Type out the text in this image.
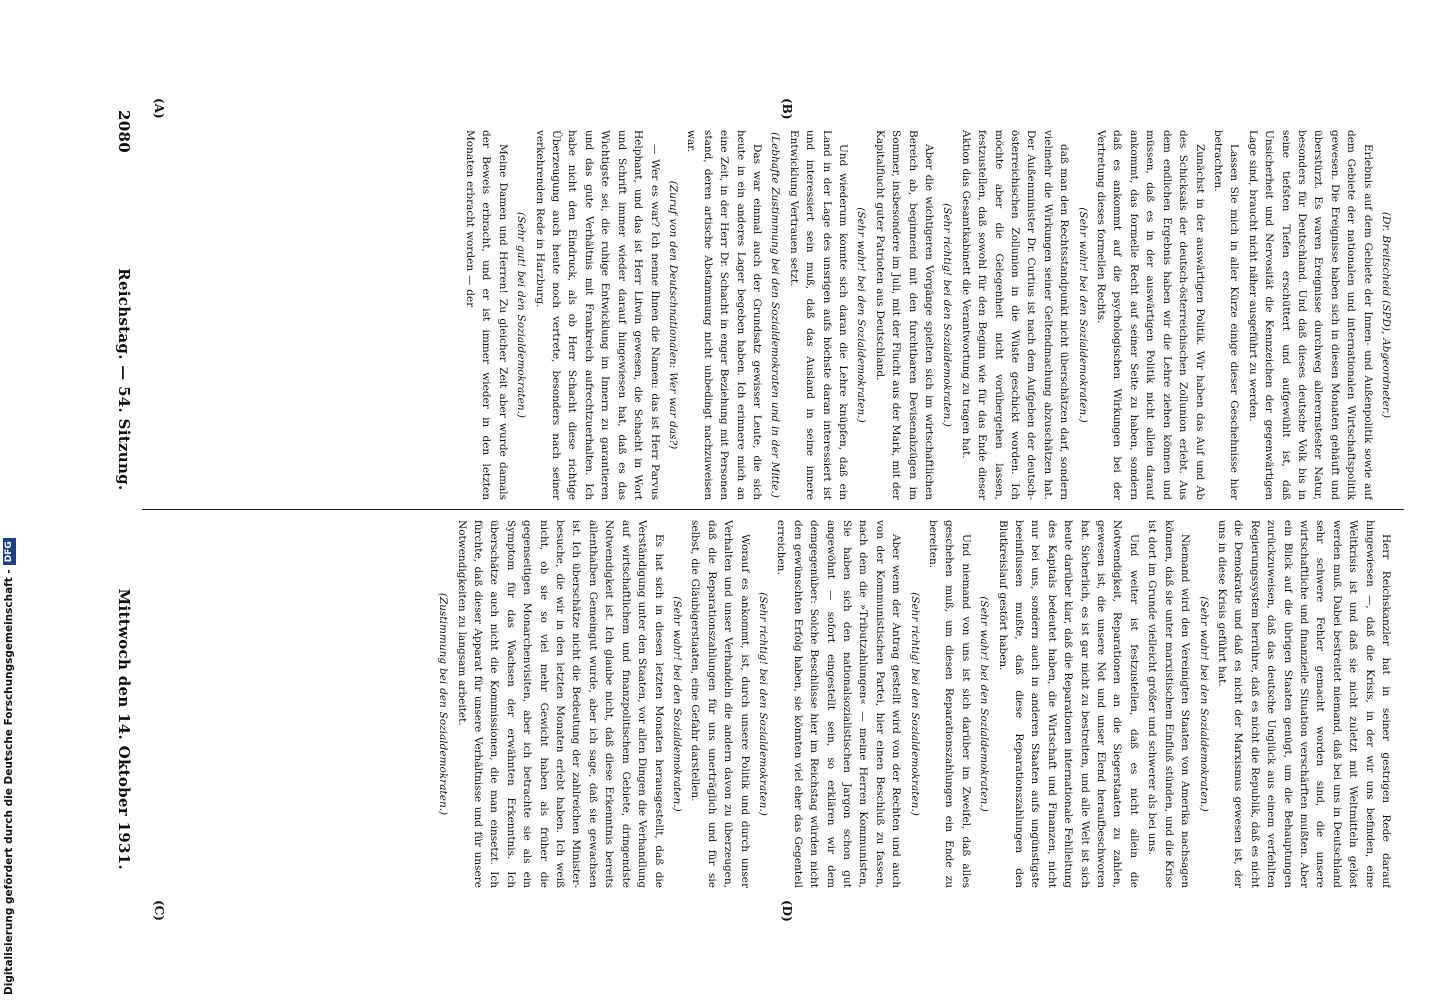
2080
Reichstag. — 54. Sitzung.
Mittwoch den 14. Oktober 1931.
(A)	(B)
(C)	(D)

(Dr. Breitscheid (SPD), Abgeordneter.)

Erlebnis auf dem Gebiete der Innen- und Außenpolitik sowie auf dem Gebiete der nationalen und internationalen Wirtschaftspolitik gewesen. Die Ereignisse haben sich in diesen Monaten gehäuft und überstürzt. Es waren Ereignisse durchweg allerernstester Natur, besonders für Deutschland. Und daß dieses deutsche Volk bis in seine tiefsten Tiefen erschüttert und aufgewühlt ist, daß Unsicherheit und Nervosität die Kennzeichen der gegenwärtigen Lage sind, braucht nicht näher ausgeführt zu werden.

Lassen Sie mich in aller Kürze einige dieser Geschehnisse hier betrachten.

Zunächst in der auswärtigen Politik. Wir haben das Auf und Ab des Schicksals der deutsch-österreichischen Zollunion erlebt. Aus dem endlichen Ergebnis haben wir die Lehre ziehen können und müssen, daß es in der auswärtigen Politik nicht allein darauf ankommt, das formelle Recht auf seiner Seite zu haben, sondern daß es ankommt auf die psychologischen Wirkungen bei der Vertretung dieses formellen Rechts.

(Sehr wahr! bei den Sozialdemokraten.)

daß man den Rechtsstandpunkt nicht überschätzen darf, sondern vielmehr die Wirkungen seiner Geltendmachung abzuschätzen hat. Der Außenminister Dr. Curtius ist nach dem Aufgeben der deutsch-österreichischen Zollunion in die Wüste geschickt worden. Ich möchte aber die Gelegenheit nicht vorübergehen lassen, festzustellen, daß sowohl für den Beginn wie für das Ende dieser Aktion das Gesamtkabinett die Verantwortung zu tragen hat.

(Sehr richtig! bei den Sozialdemokraten.)

Aber die wichtigeren Vorgänge spielten sich im wirtschaftlichen Bereich ab, beginnend mit den furchtbaren Devisenabzügen im Sommer, insbesondere im Juli, mit der Flucht aus der Mark, mit der Kapitalflucht guter Patrioten aus Deutschland.

(Sehr wahr! bei den Sozialdemokraten.)

Und wiederum konnte sich daran die Lehre knüpfen, daß ein Land in der Lage des unsrigen aufs höchste daran interessiert ist und interessiert sein muß, daß das Ausland in seine innere Entwicklung Vertrauen setzt.

(Lebhafte Zustimmung bei den Sozialdemokraten und in der Mitte.)

Das war einmal auch der Grundsatz gewisser Leute, die sich heute in ein anderes Lager begeben haben. Ich erinnere mich an eine Zeit, in der Herr Dr. Schacht in enger Beziehung mit Personen stand, deren artische Abstammung nicht unbedingt nachzuweisen war.

(Zuruf von den Deutschnationalen: Wer war das?)

— Wer es war? Ich nenne Ihnen die Namen: das ist Herr Parvus Helphant, und das ist Herr Litwin gewesen, die Schacht in Wort und Schrift immer wieder darauf hingewiesen hat, daß es das Wichtigste sei, die ruhige Entwicklung im Innern zu garantieren und das gute Verhältnis mit Frankreich aufrechtzuerhalten. Ich habe nicht den Eindruck, als ob Herr Schacht diese richtige Überzeugung auch heute noch vertrete, besonders nach seiner verkehrenden Rede in Harzburg.

(Sehr gut! bei den Sozialdemokraten.)

Meine Damen und Herren! Zu gleicher Zeit aber wurde damals der Beweis erbracht, und er ist immer wieder in den letzten Monaten erbracht worden — der

Herr Reichskanzler hat in seiner gestrigen Rede darauf hingewiesen —, daß die Krisis, in der wir uns befinden, eine Weltkrisis ist und daß sie nicht zuletzt mit Weltmitteln gelöst werden muß. Dabei bestreitet niemand, daß bei uns in Deutschland sehr schwere Fehler gemacht worden sind, die unsere wirtschaftliche und finanzielle Situation verschärften mußten. Aber ein Blick auf die übrigen Staaten genügt, um die Behauptungen zurückzuweisen, daß das deutsche Unglück aus einem verfehlten Regierungssystem herrühre, daß es nicht die Republik, daß es nicht die Demokratie und daß es nicht der Marxismus gewesen ist, der uns in diese Krisis geführt hat.

(Sehr wahr! bei den Sozialdemokraten.)

Niemand wird den Vereinigten Staaten von Amerika nachsagen können, daß sie unter marxistischem Einfluß stünden, und die Krise ist dort im Grunde vielleicht größer und schwerer als bei uns.

Und weiter ist festzustellen, daß es nicht allein die Notwendigkeit, Reparationen an die Siegerstaaten zu zahlen, gewesen ist, die unsere Not und unser Elend heraufbeschworen hat. Sicherlich, es ist gar nicht zu bestreiten, und alle Welt ist sich heute darüber klar, daß die Reparationen internationale Fehlleitung des Kapitals bedeutet haben, die Wirtschaft und Finanzen, nicht nur bei uns, sondern auch in anderen Staaten aufs ungünstigste beeinflussen mußte, daß diese Reparationszahlungen den Blutkreislauf gestört haben.

(Sehr wahr! bei den Sozialdemokraten.)

Und niemand von uns ist sich darüber im Zweifel, daß alles geschehen muß, um diesen Reparationszahlungen ein Ende zu bereiten.

(Sehr richtig! bei den Sozialdemokraten.)

Aber wenn der Antrag gestellt wird von der Rechten und auch von der Kommunistischen Partei, hier einen Beschluß zu fassen, nach dem die »Tributzahlungen« — meine Herren Kommunisten, Sie haben sich den nationalsozialistischen Jargon schon gut angewöhnt — sofort eingestellt sein, so erklären wir dem demgegenüber: Solche Beschlüsse hier im Reichstag würden nicht den gewünschten Erfolg haben, sie könnten viel eher das Gegenteil erreichen.

(Sehr richtig! bei den Sozialdemokraten.)

Worauf es ankommt, ist, durch unsere Politik und durch unser Verhalten und unser Verhandeln die andern davon zu überzeugen, daß die Reparationszahlungen für uns unerträglich und für sie selbst, die Gläubigerstaaten, eine Gefahr darstellen.

(Sehr wahr! bei den Sozialdemokraten.)

Es hat sich in diesen letzten Monaten herausgestellt, daß die Verständigung unter den Staaten, vor allen Dingen die Verhandlung auf wirtschaftlichem und finanzpolitischem Gebiete, dringendste Notwendigkeit ist. Ich glaube nicht, daß diese Erkenntnis bereits allenthalben Gemeingut wurde, aber ich sage, daß sie gewachsen ist. Ich überschätze nicht die Bedeutung der zahlreichen Minister-besuche, die wir in den letzten Monaten erlebt haben. Ich weiß nicht, ob sie so viel mehr Gewicht haben als früher die gegenseitigen Monarchenvisiten, aber ich betrachte sie als ein Symptom für das Wachsen der erwähnten Erkenntnis. Ich überschätze auch nicht die Kommissionen, die man einsetzt. Ich fürchte, daß dieser Apparat für unsere Verhältnisse und für unsere Notwendigkeiten zu langsam arbeitet.

(Zustimmung bei den Sozialdemokraten.)

Digitalisierung gefördert durch die Deutsche Forschungsgemeinschaft -
DFG
